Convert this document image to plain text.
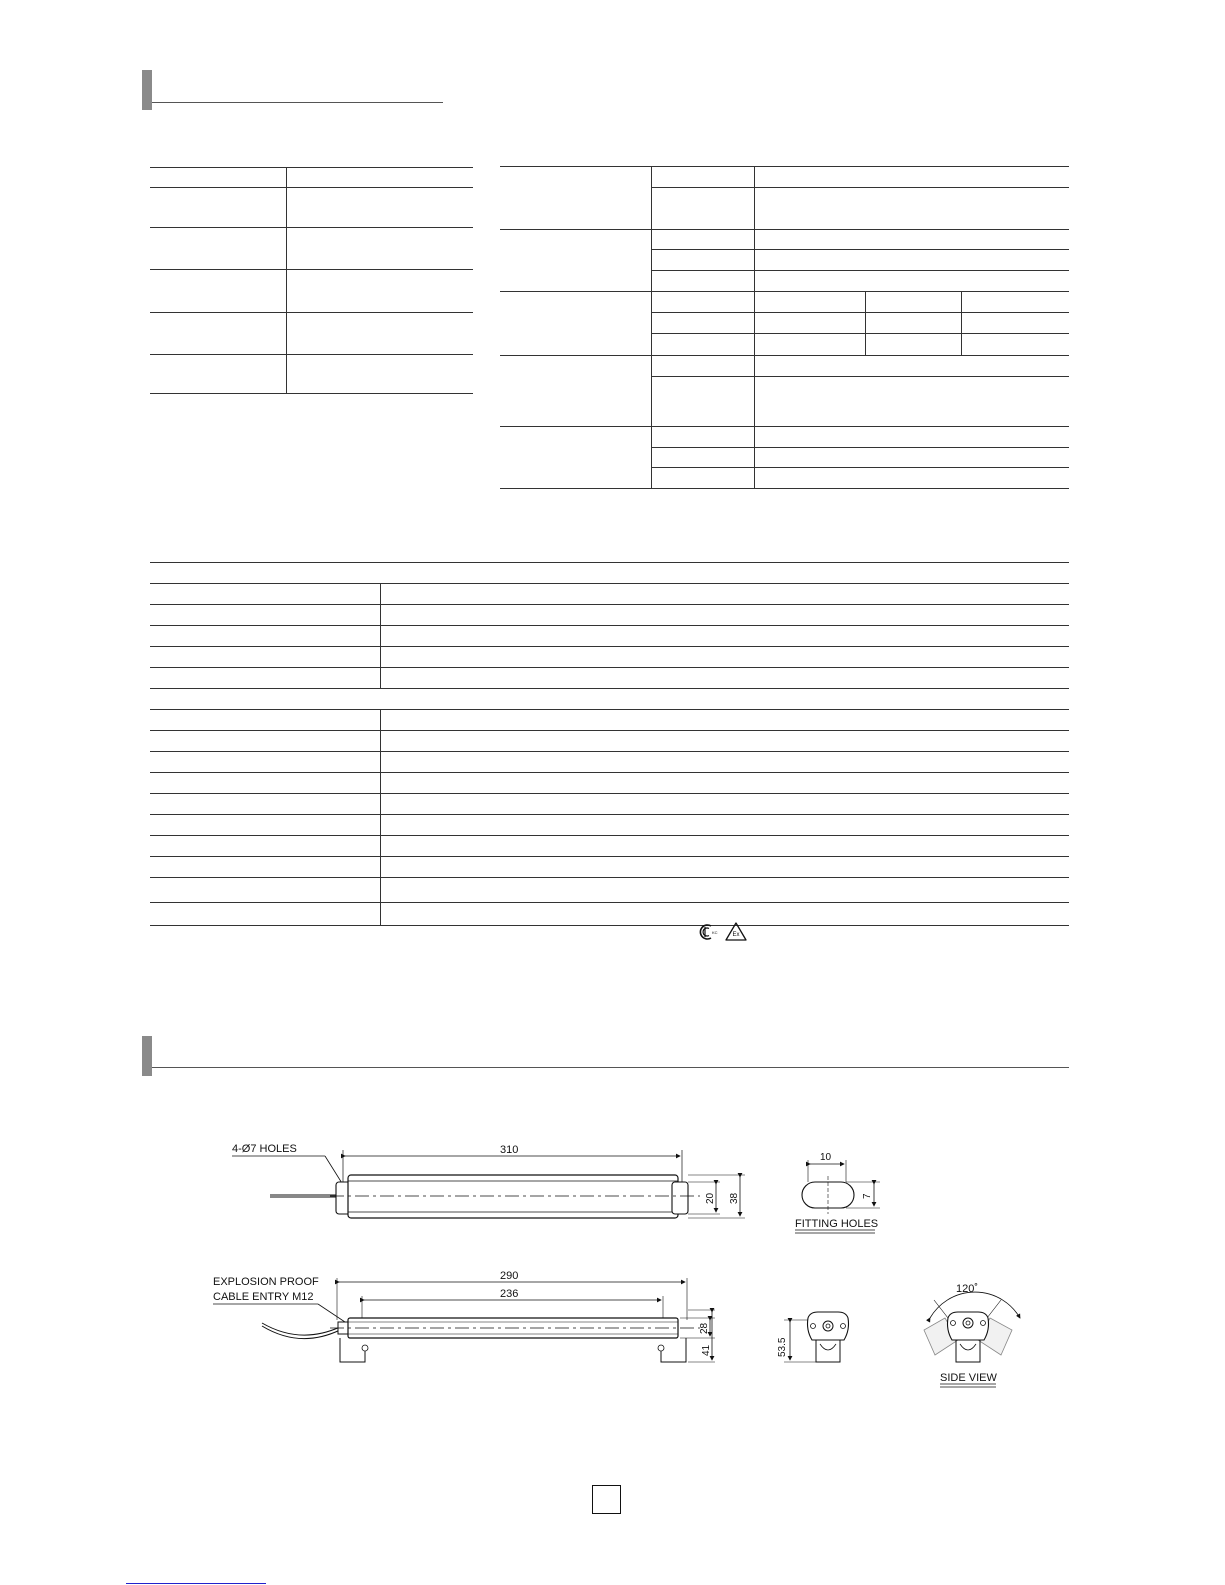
KC Ex
4-Ø7 HOLES	310
20 38
10
7
FITTING HOLES
EXPLOSION PROOF
CABLE ENTRY M12
290
236
28
41	53.5
120˚
SIDE VIEW
